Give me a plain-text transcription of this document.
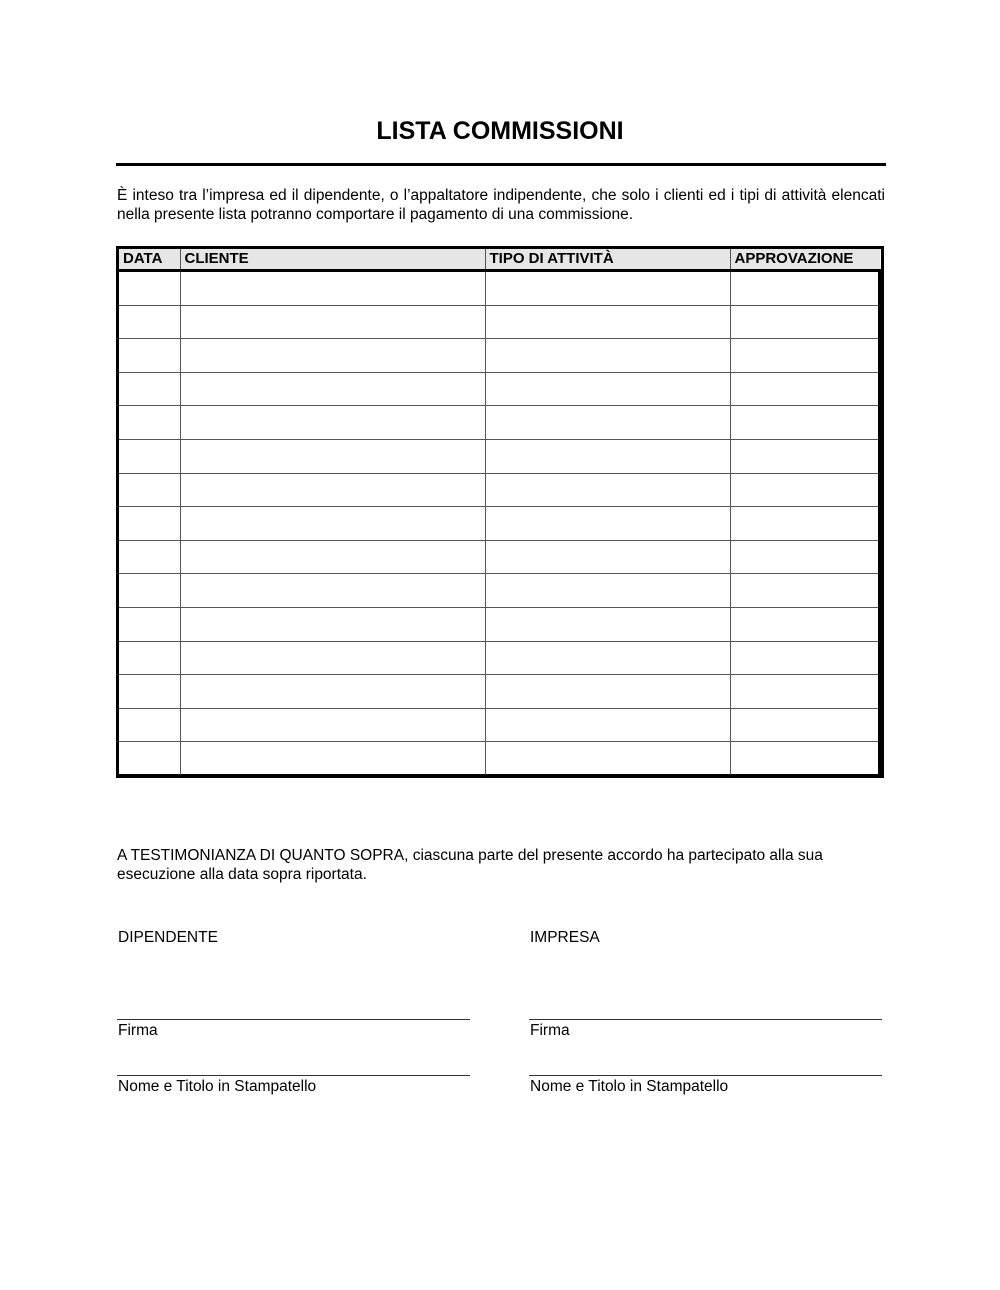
LISTA COMMISSIONI

È inteso tra l’impresa ed il dipendente, o l’appaltatore indipendente, che solo i clienti ed i tipi di attività elencati nella presente lista potranno comportare il pagamento di una commissione.

DATA	CLIENTE	TIPO DI ATTIVITÀ	APPROVAZIONE

A TESTIMONIANZA DI QUANTO SOPRA, ciascuna parte del presente accordo ha partecipato alla sua esecuzione alla data sopra riportata.

DIPENDENTE	IMPRESA
Firma	Firma
Nome e Titolo in Stampatello	Nome e Titolo in Stampatello
